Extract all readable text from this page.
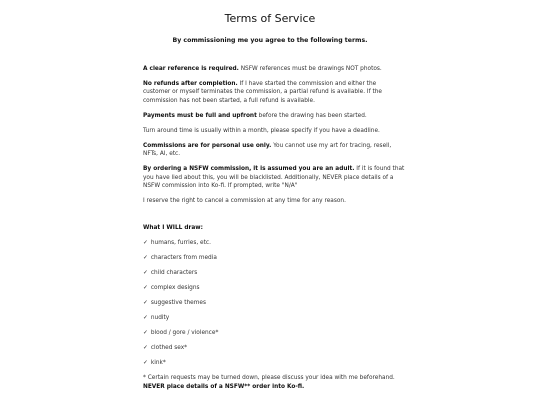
Terms of Service
By commissioning me you agree to the following terms.

A clear reference is required. NSFW references must be drawings NOT photos.

No refunds after completion. If I have started the commission and either the customer or myself terminates the commission, a partial refund is available. If the commission has not been started, a full refund is available.

Payments must be full and upfront before the drawing has been started.

Turn around time is usually within a month, please specify if you have a deadline.

Commissions are for personal use only. You cannot use my art for tracing, resell, NFTs, AI, etc.

By ordering a NSFW commission, it is assumed you are an adult. If it is found that you have lied about this, you will be blacklisted. Additionally, NEVER place details of a NSFW commission into Ko-fi. If prompted, write "N/A"

I reserve the right to cancel a commission at any time for any reason.

What I WILL draw:

✓ humans, furries, etc.
✓ characters from media
✓ child characters
✓ complex designs
✓ suggestive themes
✓ nudity
✓ blood / gore / violence*
✓ clothed sex*
✓ kink*

* Certain requests may be turned down, please discuss your idea with me beforehand. NEVER place details of a NSFW** order into Ko-fi.
